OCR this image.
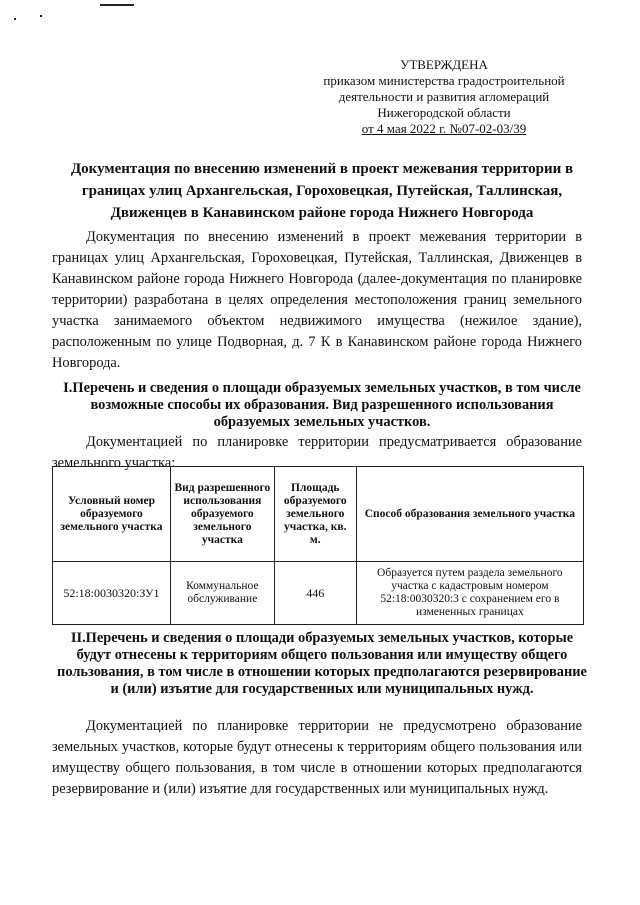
УТВЕРЖДЕНА
приказом министерства градостроительной
деятельности и развития агломераций
Нижегородской области
от 4 мая 2022 г. №07-02-03/39
Документация по внесению изменений в проект межевания территории в границах улиц Архангельская, Гороховецкая, Путейская, Таллинская, Движенцев в Канавинском районе города Нижнего Новгорода

Документация по внесению изменений в проект межевания территории в границах улиц Архангельская, Гороховецкая, Путейская, Таллинская, Движенцев в Канавинском районе города Нижнего Новгорода (далее-документация по планировке территории) разработана в целях определения местоположения границ земельного участка занимаемого объектом недвижимого имущества (нежилое здание), расположенным по улице Подворная, д. 7 К в Канавинском районе города Нижнего Новгорода.

I.Перечень и сведения о площади образуемых земельных участков, в том числе возможные способы их образования. Вид разрешенного использования образуемых земельных участков.

Документацией по планировке территории предусматривается образование земельного участка:

Условный номер образуемого земельного участка	Вид разрешенного использования образуемого земельного участка	Площадь образуемого земельного участка, кв. м.	Способ образования земельного участка
52:18:0030320:ЗУ1	Коммунальное обслуживание	446	Образуется путем раздела земельного участка с кадастровым номером 52:18:0030320:3 с сохранением его в измененных границах
II.Перечень и сведения о площади образуемых земельных участков, которые будут отнесены к территориям общего пользования или имуществу общего пользования, в том числе в отношении которых предполагаются резервирование и (или) изъятие для государственных или муниципальных нужд.

Документацией по планировке территории не предусмотрено образование земельных участков, которые будут отнесены к территориям общего пользования или имуществу общего пользования, в том числе в отношении которых предполагаются резервирование и (или) изъятие для государственных или муниципальных нужд.
